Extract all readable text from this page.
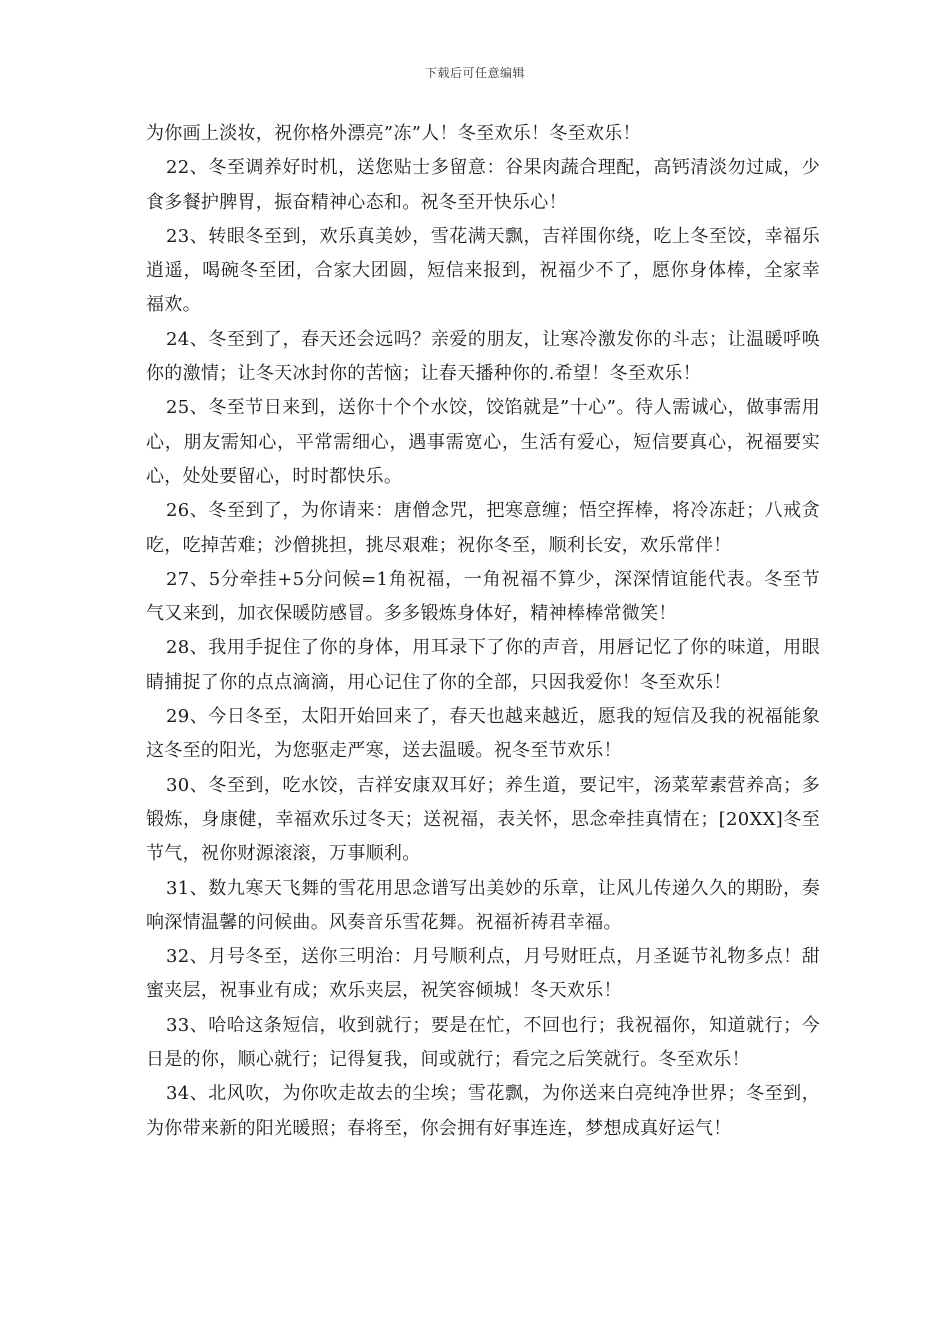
下载后可任意编辑

为你画上淡妆，祝你格外漂亮”冻”人！冬至欢乐！冬至欢乐！

22、冬至调养好时机，送您贴士多留意：谷果肉蔬合理配，高钙清淡勿过咸，少食多餐护脾胃，振奋精神心态和。祝冬至开快乐心！

23、转眼冬至到，欢乐真美妙，雪花满天飘，吉祥围你绕，吃上冬至饺，幸福乐逍遥，喝碗冬至团，合家大团圆，短信来报到，祝福少不了，愿你身体棒，全家幸福欢。

24、冬至到了，春天还会远吗？亲爱的朋友，让寒冷激发你的斗志；让温暖呼唤你的激情；让冬天冰封你的苦恼；让春天播种你的.希望！冬至欢乐！

25、冬至节日来到，送你十个个水饺，饺馅就是”十心”。待人需诚心，做事需用心，朋友需知心，平常需细心，遇事需宽心，生活有爱心，短信要真心，祝福要实心，处处要留心，时时都快乐。

26、冬至到了，为你请来：唐僧念咒，把寒意缠；悟空挥棒，将冷冻赶；八戒贪吃，吃掉苦难；沙僧挑担，挑尽艰难；祝你冬至，顺利长安，欢乐常伴！

27、5分牵挂+5分问候=1角祝福，一角祝福不算少，深深情谊能代表。冬至节气又来到，加衣保暖防感冒。多多锻炼身体好，精神棒棒常微笑！

28、我用手捉住了你的身体，用耳录下了你的声音，用唇记忆了你的味道，用眼睛捕捉了你的点点滴滴，用心记住了你的全部，只因我爱你！冬至欢乐！

29、今日冬至，太阳开始回来了，春天也越来越近，愿我的短信及我的祝福能象这冬至的阳光，为您驱走严寒，送去温暖。祝冬至节欢乐！

30、冬至到，吃水饺，吉祥安康双耳好；养生道，要记牢，汤菜荤素营养高；多锻炼，身康健，幸福欢乐过冬天；送祝福，表关怀，思念牵挂真情在；[20XX]冬至节气，祝你财源滚滚，万事顺利。

31、数九寒天飞舞的雪花用思念谱写出美妙的乐章，让风儿传递久久的期盼，奏响深情温馨的问候曲。风奏音乐雪花舞。祝福祈祷君幸福。

32、月号冬至，送你三明治：月号顺利点，月号财旺点，月圣诞节礼物多点！甜蜜夹层，祝事业有成；欢乐夹层，祝笑容倾城！冬天欢乐！

33、哈哈这条短信，收到就行；要是在忙，不回也行；我祝福你，知道就行；今日是的你，顺心就行；记得复我，间或就行；看完之后笑就行。冬至欢乐！

34、北风吹，为你吹走故去的尘埃；雪花飘，为你送来白亮纯净世界；冬至到，为你带来新的阳光暖照；春将至，你会拥有好事连连，梦想成真好运气！
